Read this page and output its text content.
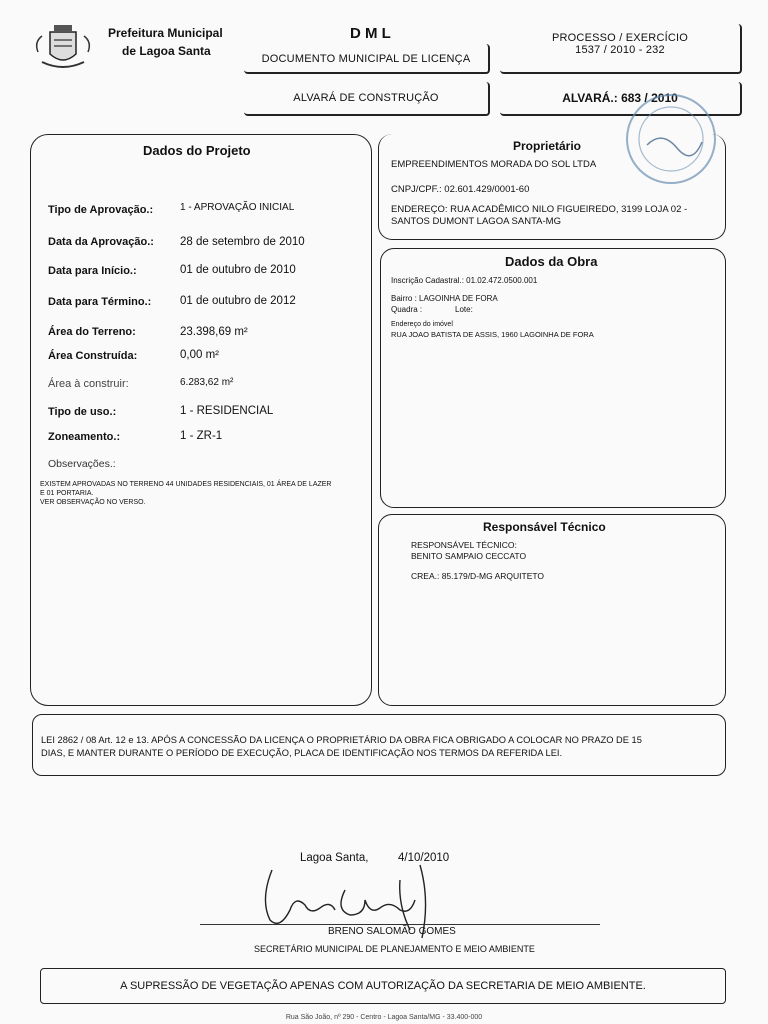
Prefeitura Municipal
de Lagoa Santa
D M L
DOCUMENTO MUNICIPAL DE LICENÇA
PROCESSO / EXERCÍCIO
1537 / 2010 - 232
ALVARÁ DE CONSTRUÇÃO	ALVARÁ.: 683 / 2010
Dados do Projeto
Tipo de Aprovação.:	1 - APROVAÇÃO INICIAL
Data da Aprovação.: 28 de setembro de 2010
Data para Início.:	01 de outubro de 2010
Data para Término.: 01 de outubro de 2012
Área do Terreno:	23.398,69 m²
Área Construída:	0,00 m²
Área à construir:	6.283,62 m²
Tipo de uso.:	1 - RESIDENCIAL
Zoneamento.:	1 - ZR-1
Observações.:
EXISTEM APROVADAS NO TERRENO 44 UNIDADES RESIDENCIAIS, 01 ÁREA DE LAZER
E 01 PORTARIA.
VER OBSERVAÇÃO NO VERSO.
Proprietário
EMPREENDIMENTOS MORADA DO SOL LTDA
CNPJ/CPF.: 02.601.429/0001-60
ENDEREÇO: RUA ACADÊMICO NILO FIGUEIREDO, 3199 LOJA 02 -
SANTOS DUMONT LAGOA SANTA-MG
Dados da Obra
Inscrição Cadastral.: 01.02.472.0500.001
Bairro : LAGOINHA DE FORA
Quadra :	Lote:
Endereço do imóvel
RUA JOAO BATISTA DE ASSIS, 1960 LAGOINHA DE FORA
Responsável Técnico
RESPONSÁVEL TÉCNICO:
BENITO SAMPAIO CECCATO
CREA.: 85.179/D-MG ARQUITETO
LEI 2862 / 08 Art. 12 e 13. APÓS A CONCESSÃO DA LICENÇA O PROPRIETÁRIO DA OBRA FICA OBRIGADO A COLOCAR NO PRAZO DE 15
DIAS, E MANTER DURANTE O PERÍODO DE EXECUÇÃO, PLACA DE IDENTIFICAÇÃO NOS TERMOS DA REFERIDA LEI.
Lagoa Santa,	4/10/2010
BRENO SALOMÃO GOMES
SECRETÁRIO MUNICIPAL DE PLANEJAMENTO E MEIO AMBIENTE
A SUPRESSÃO DE VEGETAÇÃO APENAS COM AUTORIZAÇÃO DA SECRETARIA DE MEIO AMBIENTE.
Rua São João, nº 290 - Centro - Lagoa Santa/MG - 33.400-000
